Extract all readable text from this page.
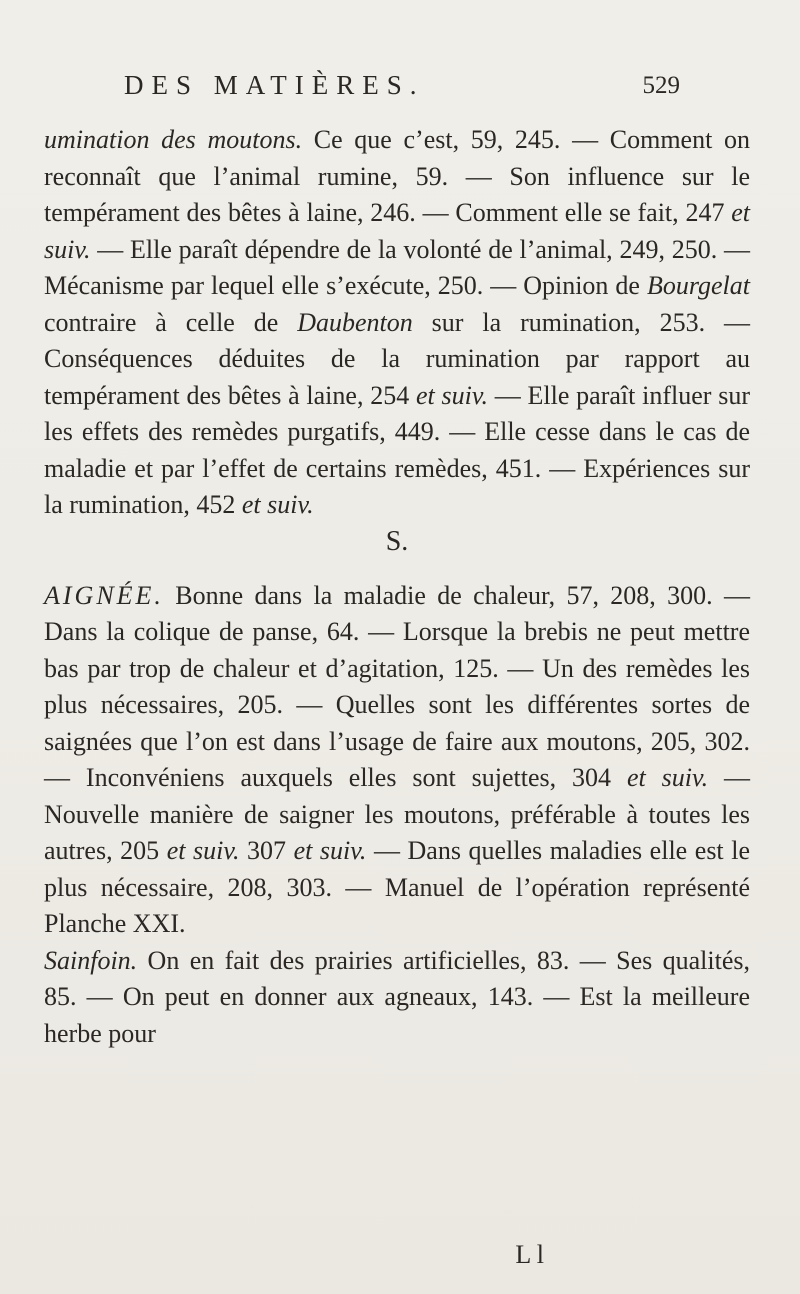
DES MATIÈRES.	529

umination des moutons. Ce que c’est, 59, 245. — Comment on reconnaît que l’animal rumine, 59. — Son influence sur le tempérament des bêtes à laine, 246. — Comment elle se fait, 247 et suiv. — Elle paraît dépendre de la volonté de l’animal, 249, 250. — Mécanisme par lequel elle s’exécute, 250. — Opinion de Bourgelat contraire à celle de Daubenton sur la rumination, 253. — Conséquences déduites de la rumination par rapport au tempérament des bêtes à laine, 254 et suiv. — Elle paraît influer sur les effets des remèdes purgatifs, 449. — Elle cesse dans le cas de maladie et par l’effet de certains remèdes, 451. — Expériences sur la rumination, 452 et suiv.

S.

AIGNÉE. Bonne dans la maladie de chaleur, 57, 208, 300. — Dans la colique de panse, 64. — Lorsque la brebis ne peut mettre bas par trop de chaleur et d’agitation, 125. — Un des remèdes les plus nécessaires, 205. — Quelles sont les différentes sortes de saignées que l’on est dans l’usage de faire aux moutons, 205, 302.— Inconvéniens auxquels elles sont sujettes, 304 et suiv. — Nouvelle manière de saigner les moutons, préférable à toutes les autres, 205 et suiv. 307 et suiv. — Dans quelles maladies elle est le plus nécessaire, 208, 303. — Manuel de l’opération représenté Planche XXI.

Sainfoin. On en fait des prairies artificielles, 83. — Ses qualités, 85. — On peut en donner aux agneaux, 143. — Est la meilleure herbe pour

L l
